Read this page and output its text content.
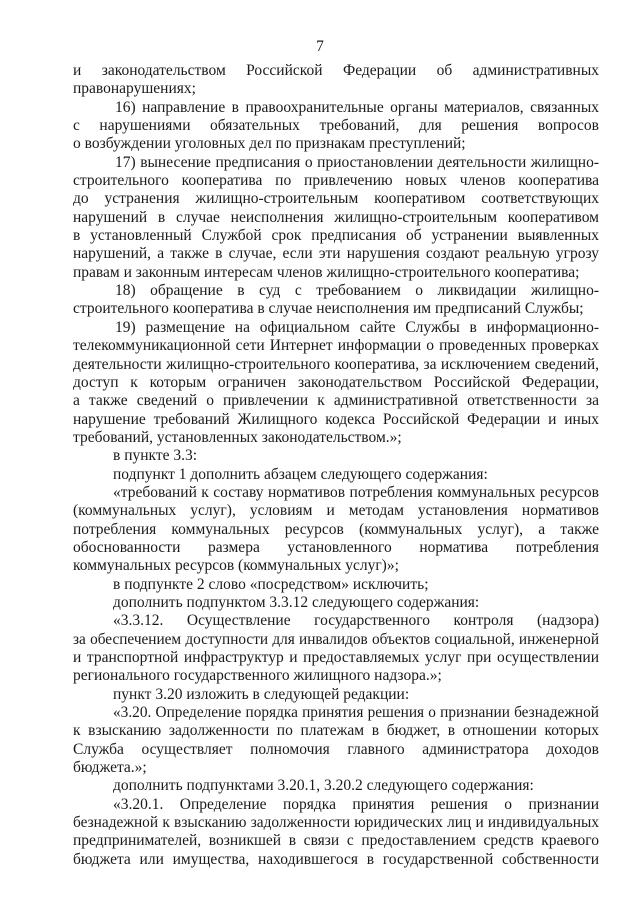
7
и законодательством Российской Федерации об административных
правонарушениях;
16) направление в правоохранительные органы материалов, связанных
с нарушениями обязательных требований, для решения вопросов
о возбуждении уголовных дел по признакам преступлений;
17) вынесение предписания о приостановлении деятельности жилищно-
строительного кооператива по привлечению новых членов кооператива
до устранения жилищно-строительным кооперативом соответствующих
нарушений в случае неисполнения жилищно-строительным кооперативом
в установленный Службой срок предписания об устранении выявленных
нарушений, а также в случае, если эти нарушения создают реальную угрозу
правам и законным интересам членов жилищно-строительного кооператива;
18) обращение в суд с требованием о ликвидации жилищно-
строительного кооператива в случае неисполнения им предписаний Службы;
19) размещение на официальном сайте Службы в информационно-
телекоммуникационной сети Интернет информации о проведенных проверках
деятельности жилищно-строительного кооператива, за исключением сведений,
доступ к которым ограничен законодательством Российской Федерации,
а также сведений о привлечении к административной ответственности за
нарушение требований Жилищного кодекса Российской Федерации и иных
требований, установленных законодательством.»;
в пункте 3.3:
подпункт 1 дополнить абзацем следующего содержания:
«требований к составу нормативов потребления коммунальных ресурсов
(коммунальных услуг), условиям и методам установления нормативов
потребления коммунальных ресурсов (коммунальных услуг), а также
обоснованности размера установленного норматива потребления
коммунальных ресурсов (коммунальных услуг)»;
в подпункте 2 слово «посредством» исключить;
дополнить подпунктом 3.3.12 следующего содержания:
«3.3.12. Осуществление государственного контроля (надзора)
за обеспечением доступности для инвалидов объектов социальной, инженерной
и транспортной инфраструктур и предоставляемых услуг при осуществлении
регионального государственного жилищного надзора.»;
пункт 3.20 изложить в следующей редакции:
«3.20. Определение порядка принятия решения о признании безнадежной
к взысканию задолженности по платежам в бюджет, в отношении которых
Служба осуществляет полномочия главного администратора доходов
бюджета.»;
дополнить подпунктами 3.20.1, 3.20.2 следующего содержания:
«3.20.1. Определение порядка принятия решения о признании
безнадежной к взысканию задолженности юридических лиц и индивидуальных
предпринимателей, возникшей в связи с предоставлением средств краевого
бюджета или имущества, находившегося в государственной собственности
